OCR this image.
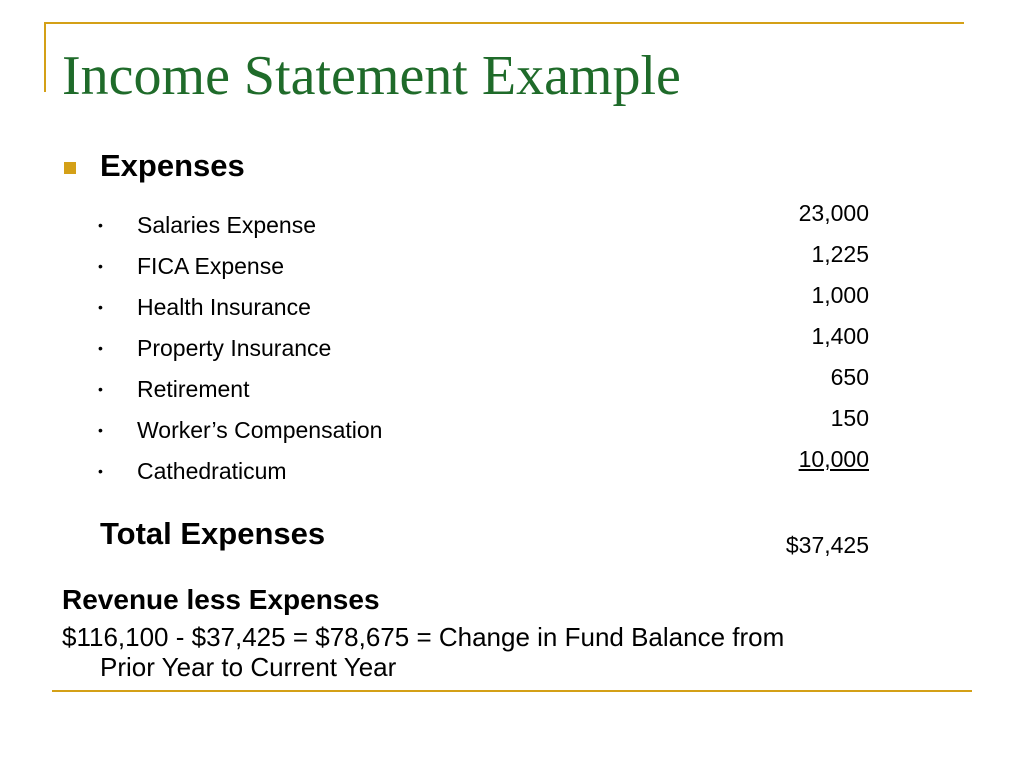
Income Statement Example
Expenses
• Salaries Expense
• FICA Expense
• Health Insurance
• Property Insurance
• Retirement
• Worker’s Compensation
• Cathedraticum
23,000
1,225
1,000
1,400
650
150
10,000
Total Expenses	$37,425
Revenue less Expenses

$116,100 - $37,425 = $78,675 = Change in Fund Balance from Prior Year to Current Year
